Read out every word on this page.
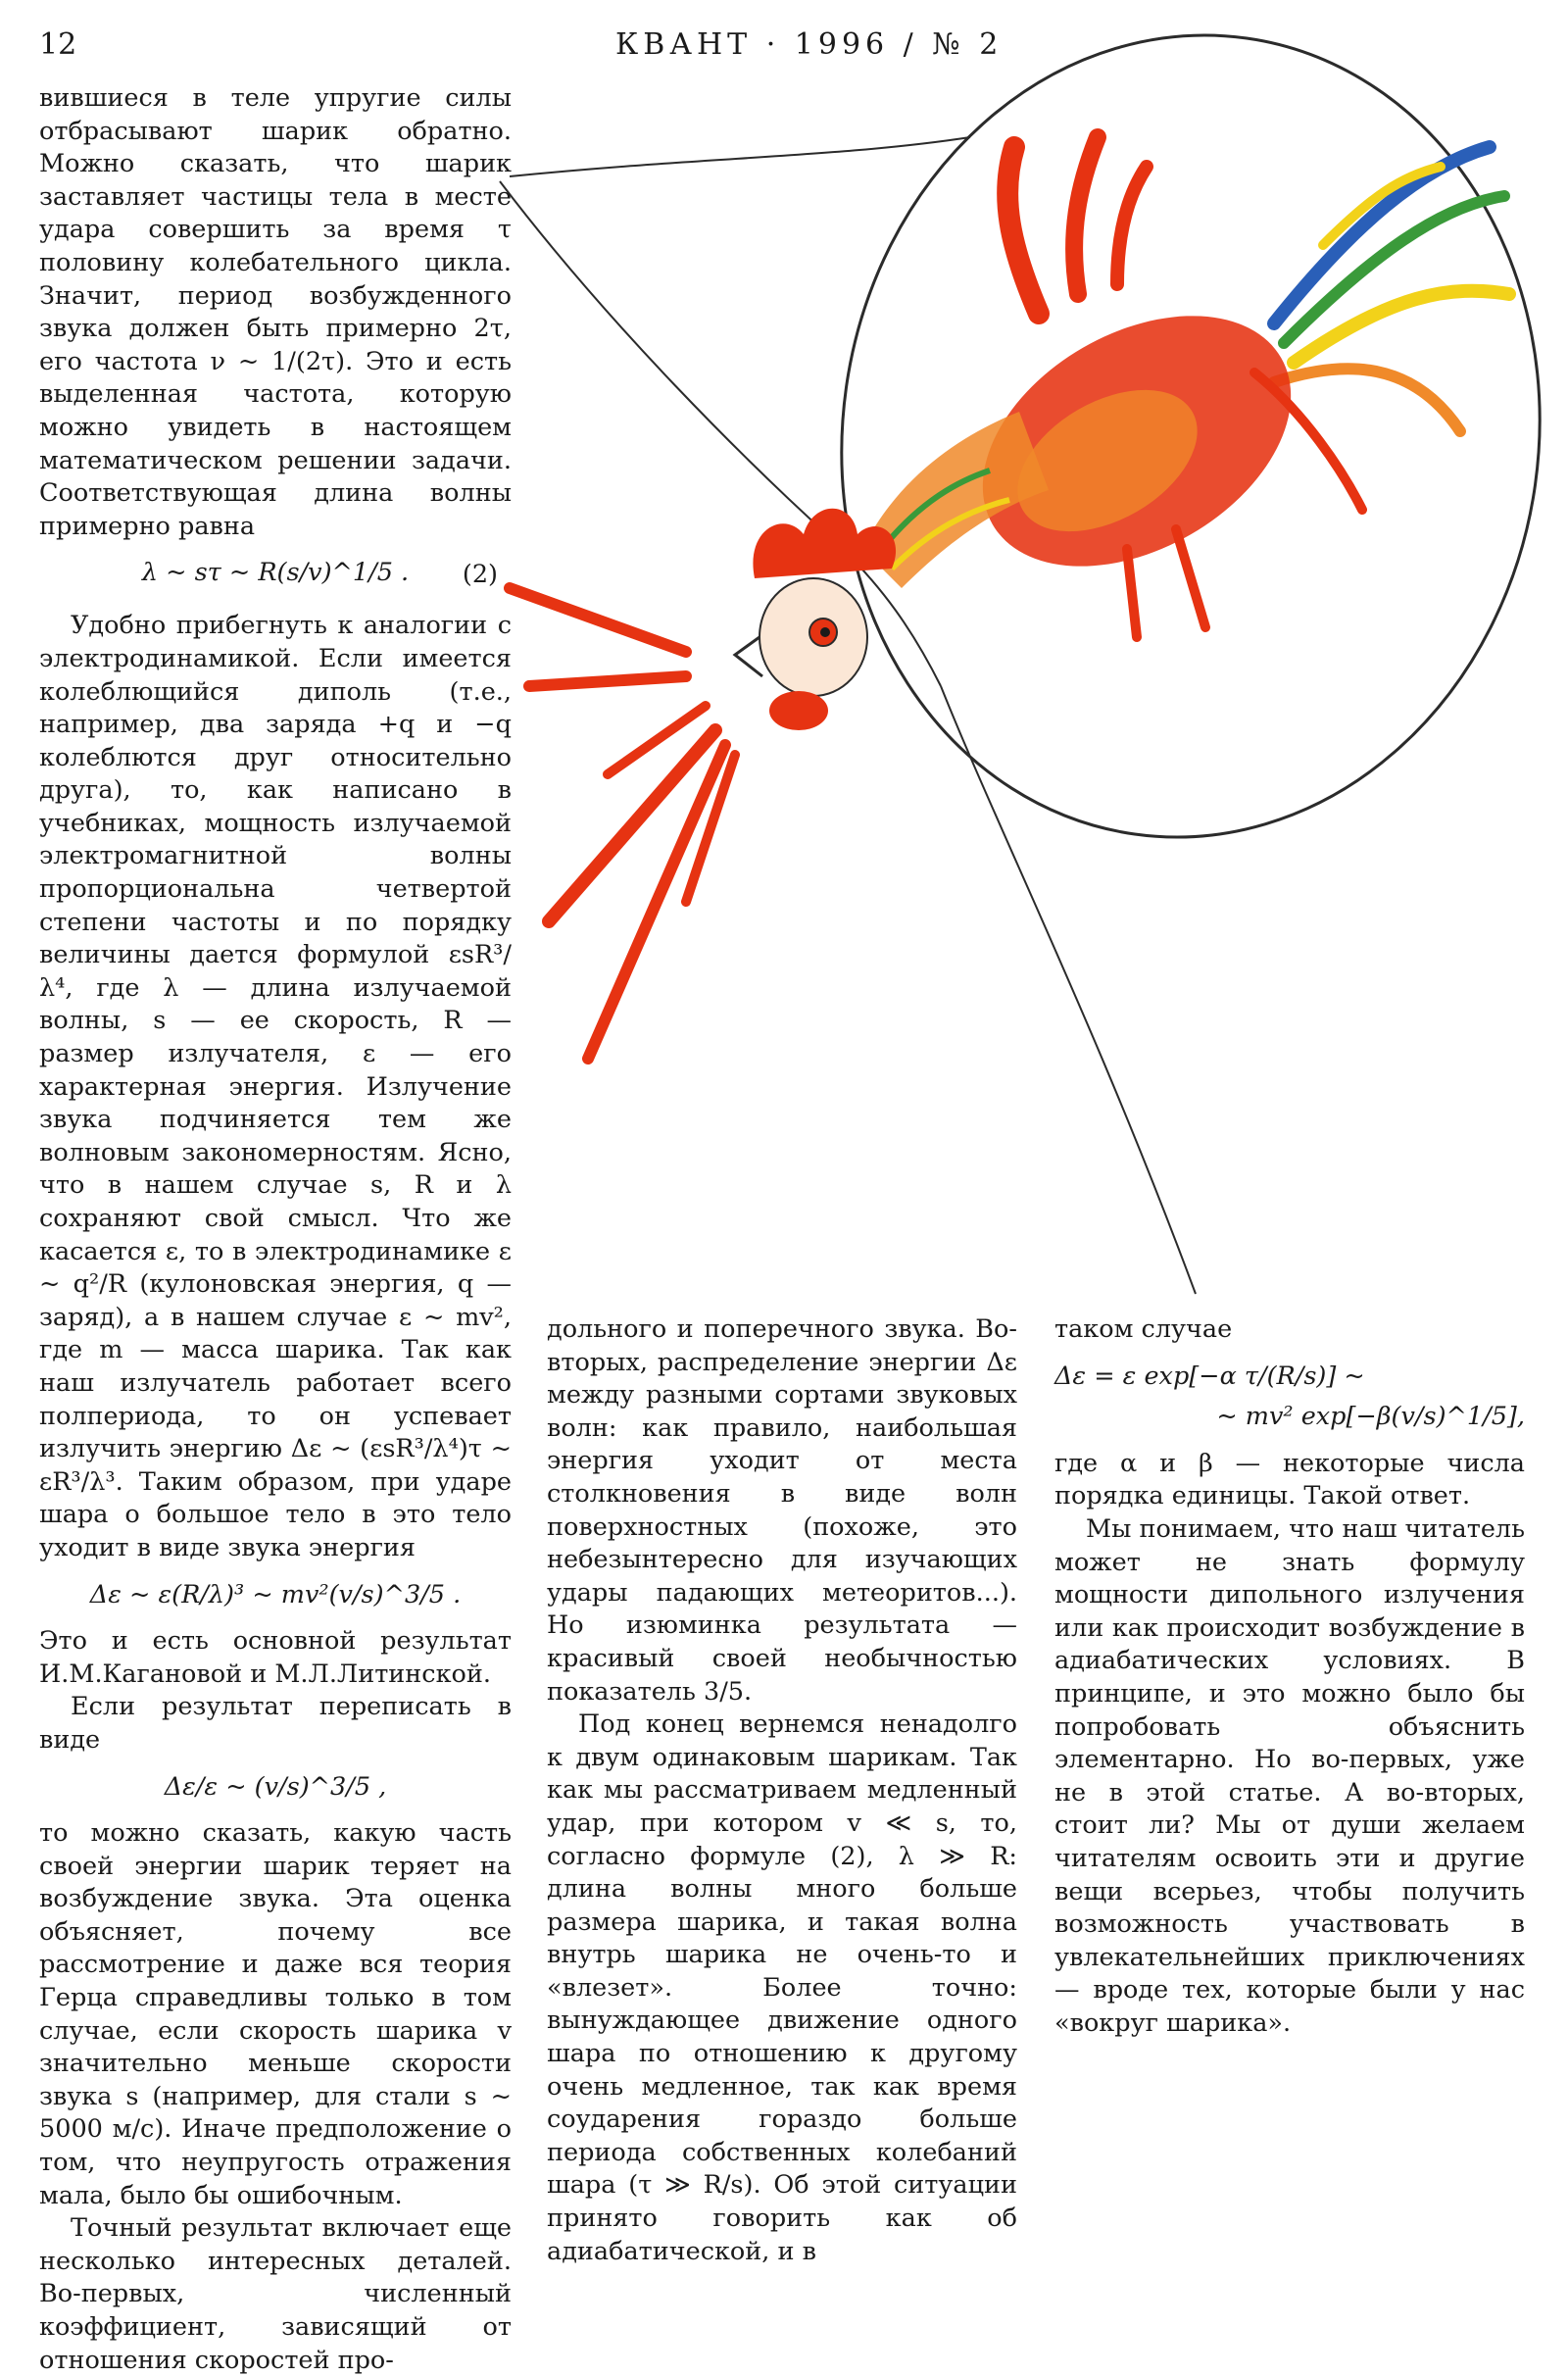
12	КВАНТ · 1996 / № 2

вившиеся в теле упругие силы отбрасывают шарик обратно. Можно сказать, что шарик заставляет частицы тела в месте удара совершить за время τ половину колебательного цикла. Значит, период возбужденного звука должен быть примерно 2τ, его частота ν ~ 1/(2τ). Это и есть выделенная частота, которую можно увидеть в настоящем математическом решении задачи. Соответствующая длина волны примерно равна

λ ~ sτ ~ R(s/v)^1/5 .	(2)

Удобно прибегнуть к аналогии с электродинамикой. Если имеется колеблющийся диполь (т.е., например, два заряда +q и −q колеблются друг относительно друга), то, как написано в учебниках, мощность излучаемой электромагнитной волны пропорциональна четвертой степени частоты и по порядку величины дается формулой εsR³/λ⁴, где λ — длина излучаемой волны, s — ее скорость, R — размер излучателя, ε — его характерная энергия. Излучение звука подчиняется тем же волновым закономерностям. Ясно, что в нашем случае s, R и λ сохраняют свой смысл. Что же касается ε, то в электродинамике ε ~ q²/R (кулоновская энергия, q — заряд), а в нашем случае ε ~ mv², где m — масса шарика. Так как наш излучатель работает всего полпериода, то он успевает излучить энергию Δε ~ (εsR³/λ⁴)τ ~ εR³/λ³. Таким образом, при ударе шара о большое тело в это тело уходит в виде звука энергия

Δε ~ ε(R/λ)³ ~ mv²(v/s)^3/5 .

Это и есть основной результат И.М.Кагановой и М.Л.Литинской.

Если результат переписать в виде

Δε/ε ~ (v/s)^3/5 ,

то можно сказать, какую часть своей энергии шарик теряет на возбуждение звука. Эта оценка объясняет, почему все рассмотрение и даже вся теория Герца справедливы только в том случае, если скорость шарика v значительно меньше скорости звука s (например, для стали s ~ 5000 м/с). Иначе предположение о том, что неупругость отражения мала, было бы ошибочным.

Точный результат включает еще несколько интересных деталей. Во-первых, численный коэффициент, зависящий от отношения скоростей про-

дольного и поперечного звука. Во-вторых, распределение энергии Δε между разными сортами звуковых волн: как правило, наибольшая энергия уходит от места столкновения в виде волн поверхностных (похоже, это небезынтересно для изучающих удары падающих метеоритов...). Но изюминка результата — красивый своей необычностью показатель 3/5.

Под конец вернемся ненадолго к двум одинаковым шарикам. Так как мы рассматриваем медленный удар, при котором v ≪ s, то, согласно формуле (2), λ ≫ R: длина волны много больше размера шарика, и такая волна внутрь шарика не очень-то и «влезет». Более точно: вынуждающее движение одного шара по отношению к другому очень медленное, так как время соударения гораздо больше периода собственных колебаний шара (τ ≫ R/s). Об этой ситуации принято говорить как об адиабатической, и в

таком случае

Δε = ε exp[−α τ/(R/s)] ~
~ mv² exp[−β(v/s)^1/5],

где α и β — некоторые числа порядка единицы. Такой ответ.

Мы понимаем, что наш читатель может не знать формулу мощности дипольного излучения или как происходит возбуждение в адиабатических условиях. В принципе, и это можно было бы попробовать объяснить элементарно. Но во-первых, уже не в этой статье. А во-вторых, стоит ли? Мы от души желаем читателям освоить эти и другие вещи всерьез, чтобы получить возможность участвовать в увлекательнейших приключениях — вроде тех, которые были у нас «вокруг шарика».
